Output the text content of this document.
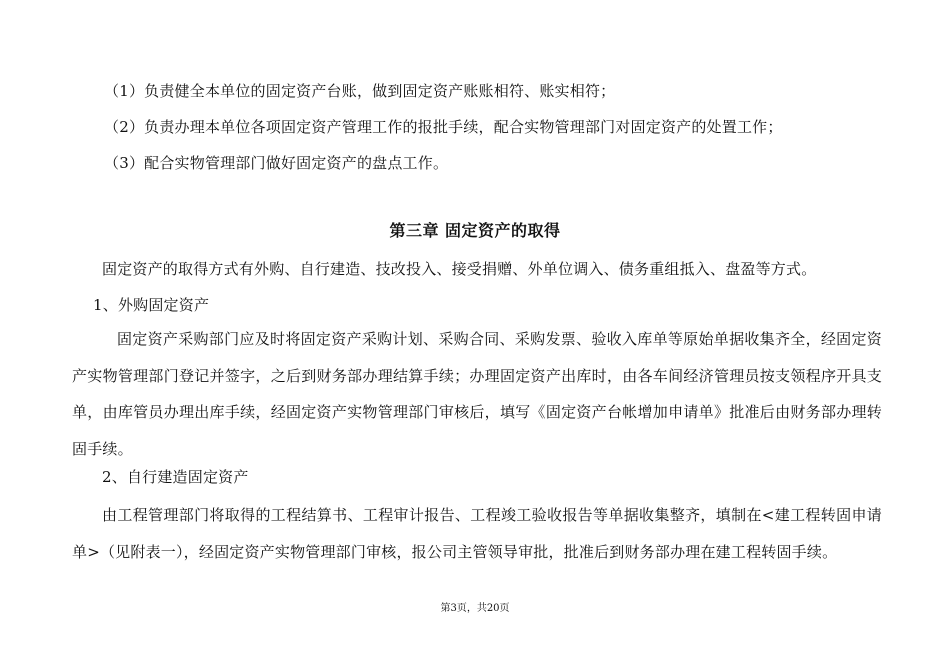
（1）负责健全本单位的固定资产台账，做到固定资产账账相符、账实相符；
（2）负责办理本单位各项固定资产管理工作的报批手续，配合实物管理部门对固定资产的处置工作；
（3）配合实物管理部门做好固定资产的盘点工作。
第三章 固定资产的取得
固定资产的取得方式有外购、自行建造、技改投入、接受捐赠、外单位调入、债务重组抵入、盘盈等方式。
1、外购固定资产
固定资产采购部门应及时将固定资产采购计划、采购合同、采购发票、验收入库单等原始单据收集齐全，经固定资产实物管理部门登记并签字，之后到财务部办理结算手续；办理固定资产出库时，由各车间经济管理员按支领程序开具支单，由库管员办理出库手续，经固定资产实物管理部门审核后，填写《固定资产台帐增加申请单》批准后由财务部办理转固手续。
2、自行建造固定资产
由工程管理部门将取得的工程结算书、工程审计报告、工程竣工验收报告等单据收集整齐，填制在<建工程转固申请单>（见附表一），经固定资产实物管理部门审核，报公司主管领导审批，批准后到财务部办理在建工程转固手续。
第3页，共20页
